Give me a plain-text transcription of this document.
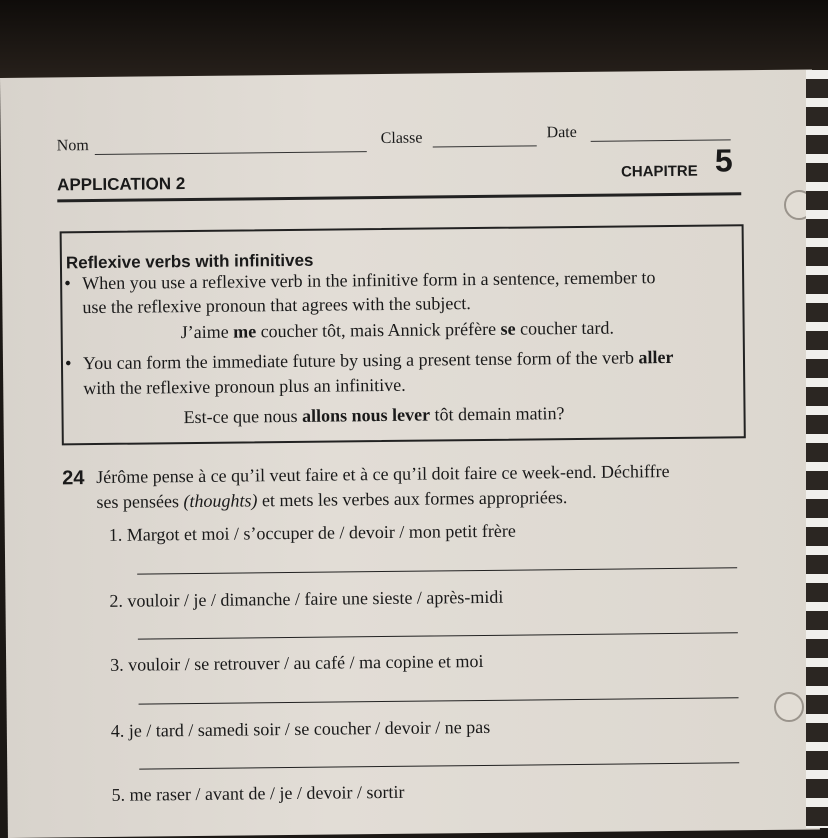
Nom	Classe	Date
APPLICATION 2
CHAPITRE 5
Reflexive verbs with infinitives
• When you use a reflexive verb in the infinitive form in a sentence, remember to
use the reflexive pronoun that agrees with the subject.
J’aime me coucher tôt, mais Annick préfère se coucher tard.
• You can form the immediate future by using a present tense form of the verb aller
with the reflexive pronoun plus an infinitive.
Est-ce que nous allons nous lever tôt demain matin?
24 Jérôme pense à ce qu’il veut faire et à ce qu’il doit faire ce week-end. Déchiffre
ses pensées (thoughts) et mets les verbes aux formes appropriées.
1. Margot et moi / s’occuper de / devoir / mon petit frère
2. vouloir / je / dimanche / faire une sieste / après-midi
3. vouloir / se retrouver / au café / ma copine et moi
4. je / tard / samedi soir / se coucher / devoir / ne pas
5. me raser / avant de / je / devoir / sortir
